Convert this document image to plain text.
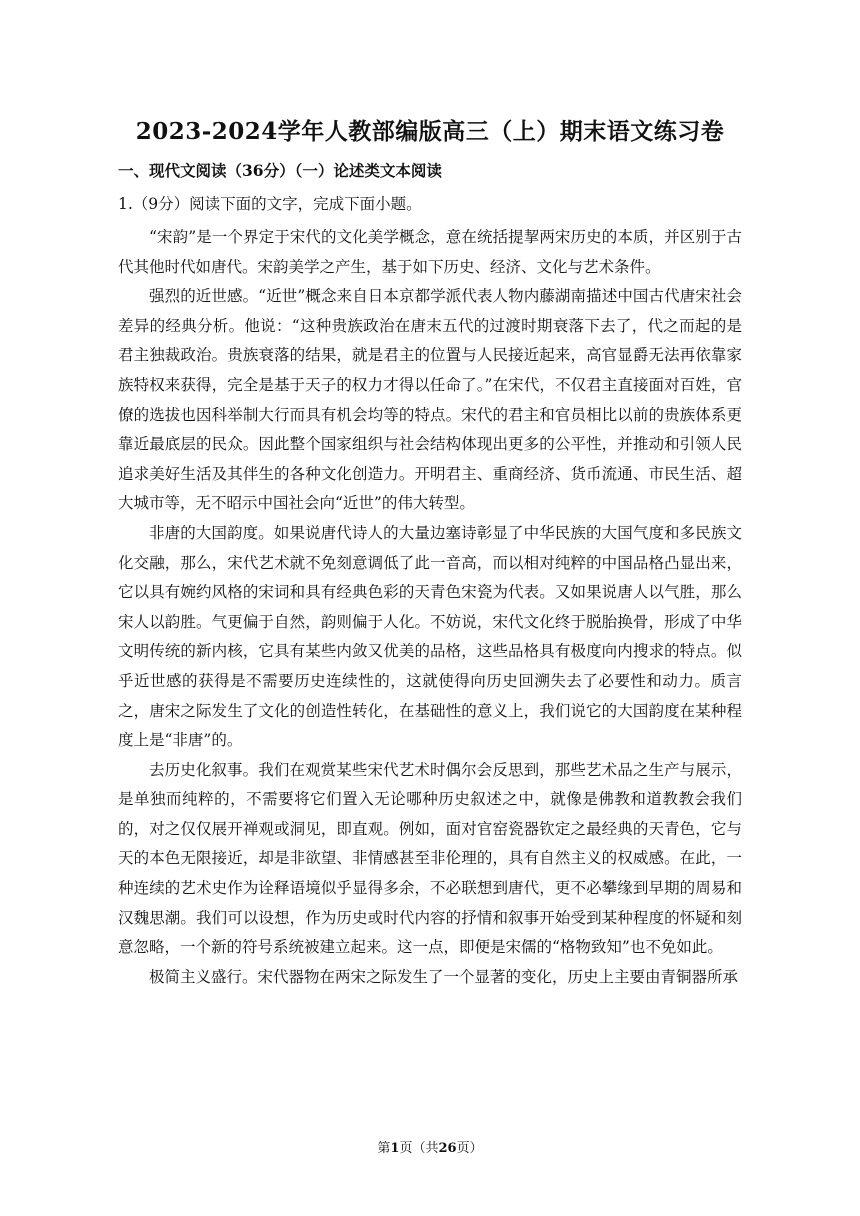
2023-2024学年人教部编版高三（上）期末语文练习卷
一、现代文阅读（36分）（一）论述类文本阅读
1.（9分）阅读下面的文字，完成下面小题。

“宋韵”是一个界定于宋代的文化美学概念，意在统括提挈两宋历史的本质，并区别于古代其他时代如唐代。宋韵美学之产生，基于如下历史、经济、文化与艺术条件。

强烈的近世感。“近世”概念来自日本京都学派代表人物内藤湖南描述中国古代唐宋社会差异的经典分析。他说：“这种贵族政治在唐末五代的过渡时期衰落下去了，代之而起的是君主独裁政治。贵族衰落的结果，就是君主的位置与人民接近起来，高官显爵无法再依靠家族特权来获得，完全是基于天子的权力才得以任命了。”在宋代，不仅君主直接面对百姓，官僚的选拔也因科举制大行而具有机会均等的特点。宋代的君主和官员相比以前的贵族体系更靠近最底层的民众。因此整个国家组织与社会结构体现出更多的公平性，并推动和引领人民追求美好生活及其伴生的各种文化创造力。开明君主、重商经济、货币流通、市民生活、超大城市等，无不昭示中国社会向“近世”的伟大转型。

非唐的大国韵度。如果说唐代诗人的大量边塞诗彰显了中华民族的大国气度和多民族文化交融，那么，宋代艺术就不免刻意调低了此一音高，而以相对纯粹的中国品格凸显出来，它以具有婉约风格的宋词和具有经典色彩的天青色宋瓷为代表。又如果说唐人以气胜，那么宋人以韵胜。气更偏于自然，韵则偏于人化。不妨说，宋代文化终于脱胎换骨，形成了中华文明传统的新内核，它具有某些内敛又优美的品格，这些品格具有极度向内搜求的特点。似乎近世感的获得是不需要历史连续性的，这就使得向历史回溯失去了必要性和动力。质言之，唐宋之际发生了文化的创造性转化，在基础性的意义上，我们说它的大国韵度在某种程度上是“非唐”的。

去历史化叙事。我们在观赏某些宋代艺术时偶尔会反思到，那些艺术品之生产与展示，是单独而纯粹的，不需要将它们置入无论哪种历史叙述之中，就像是佛教和道教教会我们的，对之仅仅展开禅观或洞见，即直观。例如，面对官窑瓷器钦定之最经典的天青色，它与天的本色无限接近，却是非欲望、非情感甚至非伦理的，具有自然主义的权威感。在此，一种连续的艺术史作为诠释语境似乎显得多余，不必联想到唐代，更不必攀缘到早期的周易和汉魏思潮。我们可以设想，作为历史或时代内容的抒情和叙事开始受到某种程度的怀疑和刻意忽略，一个新的符号系统被建立起来。这一点，即便是宋儒的“格物致知”也不免如此。

极简主义盛行。宋代器物在两宋之际发生了一个显著的变化，历史上主要由青铜器所承

第1页（共26页）
